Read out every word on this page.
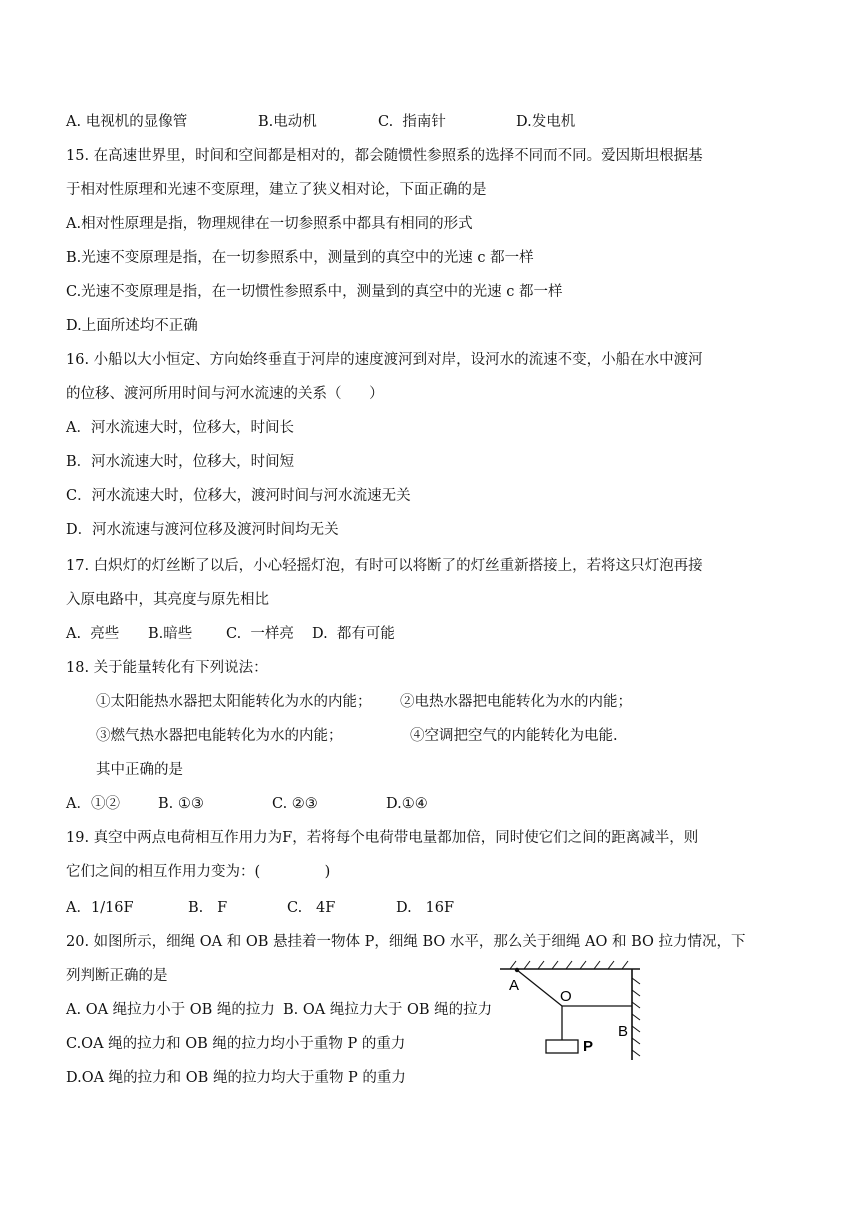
A. 电视机的显像管	B.电动机	C.  指南针	D.发电机
15. 在高速世界里，时间和空间都是相对的，都会随惯性参照系的选择不同而不同。爱因斯坦根据基
于相对性原理和光速不变原理，建立了狭义相对论，下面正确的是
A.相对性原理是指，物理规律在一切参照系中都具有相同的形式
B.光速不变原理是指，在一切参照系中，测量到的真空中的光速 c 都一样
C.光速不变原理是指，在一切惯性参照系中，测量到的真空中的光速 c 都一样
D.上面所述均不正确
16. 小船以大小恒定、方向始终垂直于河岸的速度渡河到对岸，设河水的流速不变，小船在水中渡河
的位移、渡河所用时间与河水流速的关系（      ）
A．河水流速大时，位移大，时间长
B．河水流速大时，位移大，时间短
C．河水流速大时，位移大，渡河时间与河水流速无关
D．河水流速与渡河位移及渡河时间均无关
17. 白炽灯的灯丝断了以后，小心轻摇灯泡，有时可以将断了的灯丝重新搭接上，若将这只灯泡再接
入原电路中，其亮度与原先相比
A.  亮些 B.暗些 C.  一样亮 D.  都有可能
18. 关于能量转化有下列说法：
①太阳能热水器把太阳能转化为水的内能； ②电热水器把电能转化为水的内能；
③燃气热水器把电能转化为水的内能；	④空调把空气的内能转化为电能.
其中正确的是
A．①②	B. ①③	C. ②③	D.①④
19. 真空中两点电荷相互作用力为F，若将每个电荷带电量都加倍，同时使它们之间的距离减半，则
它们之间的相互作用力变为：(              )
A．1/16F	B.   F	C.   4F	D.   16F
20. 如图所示，细绳 OA 和 OB 悬挂着一物体 P，细绳 BO 水平，那么关于细绳 AO 和 BO 拉力情况，下
列判断正确的是
A. OA 绳拉力小于 OB 绳的拉力 B. OA 绳拉力大于 OB 绳的拉力
C.OA 绳的拉力和 OB 绳的拉力均小于重物 P 的重力
D.OA 绳的拉力和 OB 绳的拉力均大于重物 P 的重力
A
O
B
P
